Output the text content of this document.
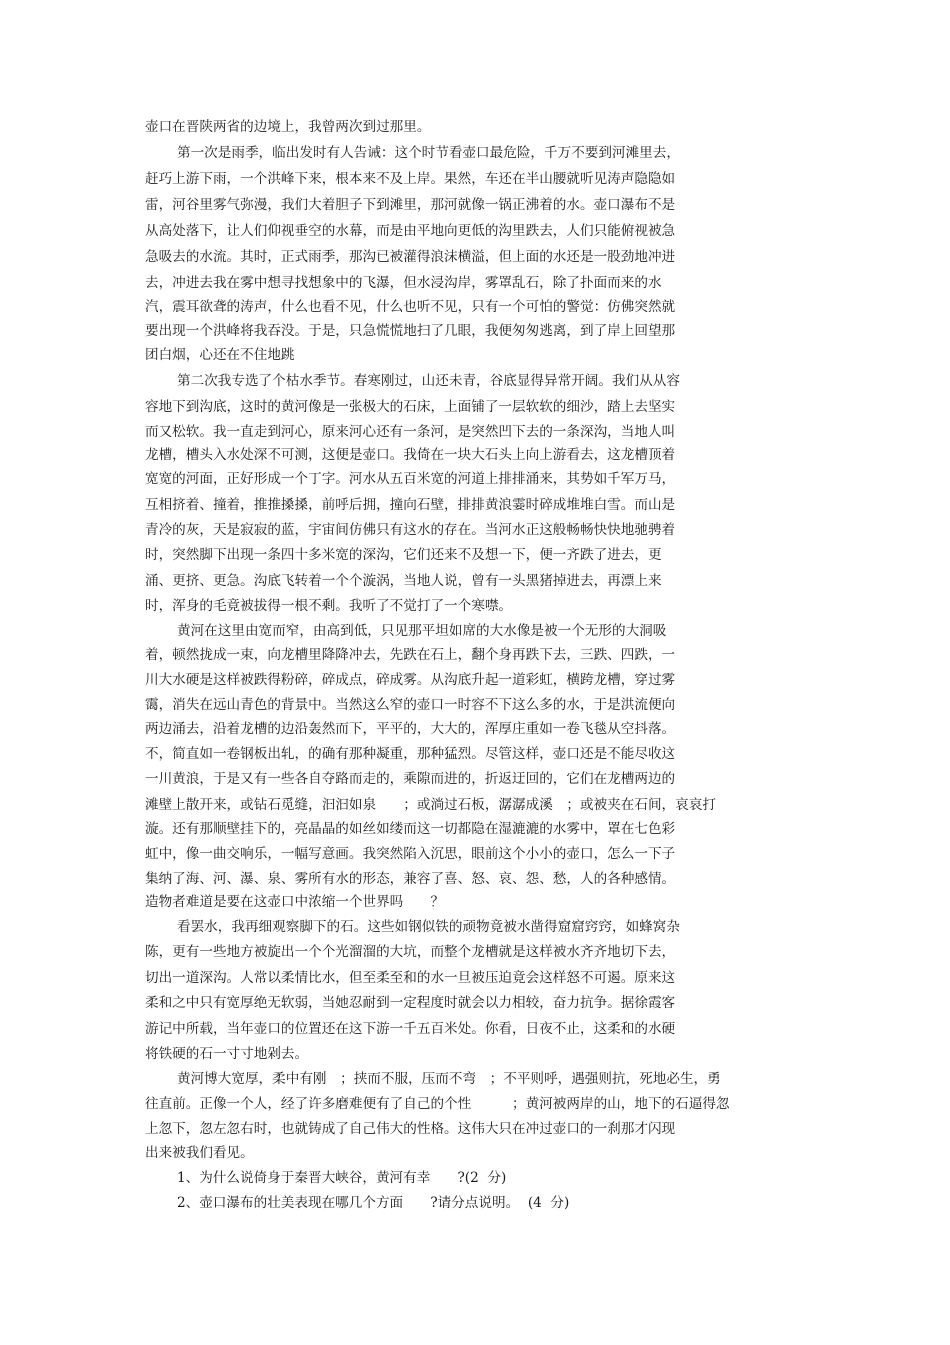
壶口在晋陕两省的边境上，我曾两次到过那里。
第一次是雨季，临出发时有人告诫：这个时节看壶口最危险，千万不要到河滩里去，
赶巧上游下雨，一个洪峰下来，根本来不及上岸。果然，车还在半山腰就听见涛声隐隐如
雷，河谷里雾气弥漫，我们大着胆子下到滩里，那河就像一锅正沸着的水。壶口瀑布不是
从高处落下，让人们仰视垂空的水幕，而是由平地向更低的沟里跌去，人们只能俯视被急
急吸去的水流。其时，正式雨季，那沟已被灌得浪沫横溢，但上面的水还是一股劲地冲进
去，冲进去我在雾中想寻找想象中的飞瀑，但水浸沟岸，雾罩乱石，除了扑面而来的水
汽，震耳欲聋的涛声，什么也看不见，什么也听不见，只有一个可怕的警觉：仿佛突然就
要出现一个洪峰将我吞没。于是，只急慌慌地扫了几眼，我便匆匆逃离，到了岸上回望那
团白烟，心还在不住地跳
第二次我专选了个枯水季节。春寒刚过，山还未青，谷底显得异常开阔。我们从从容
容地下到沟底，这时的黄河像是一张极大的石床，上面铺了一层软软的细沙，踏上去坚实
而又松软。我一直走到河心，原来河心还有一条河，是突然凹下去的一条深沟，当地人叫
龙槽，槽头入水处深不可测，这便是壶口。我倚在一块大石头上向上游看去，这龙槽顶着
宽宽的河面，正好形成一个丁字。河水从五百米宽的河道上排排涌来，其势如千军万马，
互相挤着、撞着，推推搡搡，前呼后拥，撞向石壁，排排黄浪霎时碎成堆堆白雪。而山是
青冷的灰，天是寂寂的蓝，宇宙间仿佛只有这水的存在。当河水正这般畅畅快快地驰骋着
时，突然脚下出现一条四十多米宽的深沟，它们还来不及想一下，便一齐跌了进去，更
涌、更挤、更急。沟底飞转着一个个漩涡，当地人说，曾有一头黑猪掉进去，再漂上来
时，浑身的毛竟被拔得一根不剩。我听了不觉打了一个寒噤。
黄河在这里由宽而窄，由高到低，只见那平坦如席的大水像是被一个无形的大洞吸
着，顿然拢成一束，向龙槽里降降冲去，先跌在石上，翻个身再跌下去，三跌、四跌，一
川大水硬是这样被跌得粉碎，碎成点，碎成雾。从沟底升起一道彩虹，横跨龙槽，穿过雾
霭，消失在远山青色的背景中。当然这么窄的壶口一时容不下这么多的水，于是洪流便向
两边涌去，沿着龙槽的边沿轰然而下，平平的，大大的，浑厚庄重如一卷飞毯从空抖落。
不，简直如一卷钢板出轧，的确有那种凝重，那种猛烈。尽管这样，壶口还是不能尽收这
一川黄浪，于是又有一些各自夺路而走的，乘隙而进的，折返迂回的，它们在龙槽两边的
滩壁上散开来，或钻石觅缝，汩汩如泉　　；或淌过石板，潺潺成溪　；或被夹在石间，哀哀打
漩。还有那顺壁挂下的，亮晶晶的如丝如缕而这一切都隐在湿漉漉的水雾中，罩在七色彩
虹中，像一曲交响乐，一幅写意画。我突然陷入沉思，眼前这个小小的壶口，怎么一下子
集纳了海、河、瀑、泉、雾所有水的形态，兼容了喜、怒、哀、怨、愁，人的各种感情。
造物者难道是要在这壶口中浓缩一个世界吗　　？
看罢水，我再细观察脚下的石。这些如钢似铁的顽物竟被水凿得窟窟窍窍，如蜂窝杂
陈，更有一些地方被旋出一个个光溜溜的大坑，而整个龙槽就是这样被水齐齐地切下去，
切出一道深沟。人常以柔情比水，但至柔至和的水一旦被压迫竟会这样怒不可遏。原来这
柔和之中只有宽厚绝无软弱，当她忍耐到一定程度时就会以力相较，奋力抗争。据徐霞客
游记中所载，当年壶口的位置还在这下游一千五百米处。你看，日夜不止，这柔和的水硬
将铁硬的石一寸寸地剁去。
黄河博大宽厚，柔中有刚　；挟而不服，压而不弯　；不平则呼，遇强则抗，死地必生，勇
往直前。正像一个人，经了许多磨难便有了自己的个性　　　；黄河被两岸的山，地下的石逼得忽
上忽下，忽左忽右时，也就铸成了自己伟大的性格。这伟大只在冲过壶口的一刹那才闪现
出来被我们看见。
1、为什么说倚身于秦晋大峡谷，黄河有幸　　?(2  分)
2、壶口瀑布的壮美表现在哪几个方面　　?请分点说明。  (4  分)
